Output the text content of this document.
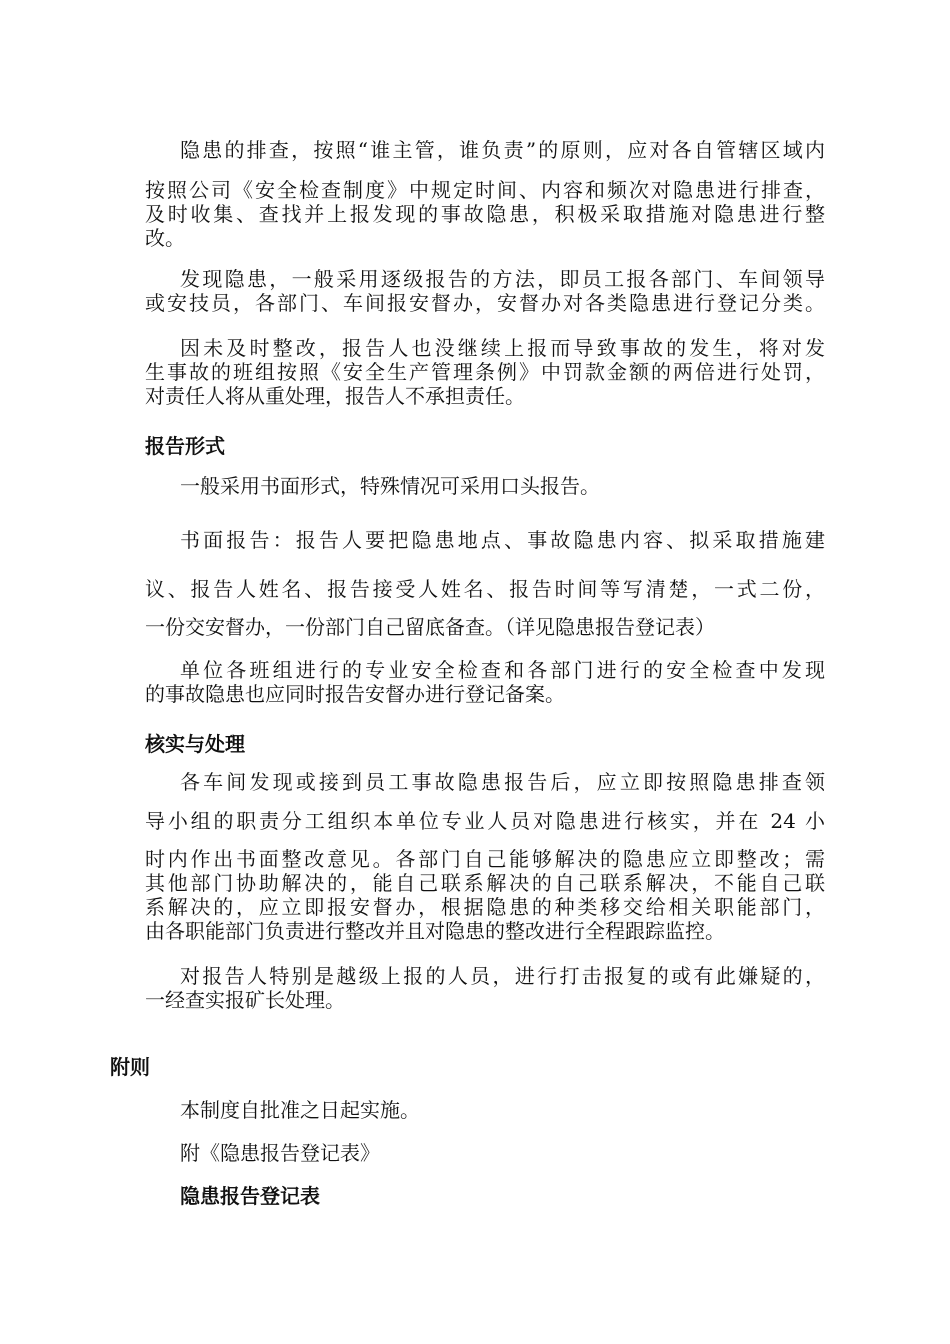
隐患的排查，按照“谁主管，谁负责”的原则，应对各自管辖区域内
按照公司《安全检查制度》中规定时间、内容和频次对隐患进行排查，
及时收集、查找并上报发现的事故隐患，积极采取措施对隐患进行整
改。
发现隐患，一般采用逐级报告的方法，即员工报各部门、车间领导
或安技员，各部门、车间报安督办，安督办对各类隐患进行登记分类。
因未及时整改，报告人也没继续上报而导致事故的发生，将对发
生事故的班组按照《安全生产管理条例》中罚款金额的两倍进行处罚，
对责任人将从重处理，报告人不承担责任。
报告形式
一般采用书面形式，特殊情况可采用口头报告。
书面报告：报告人要把隐患地点、事故隐患内容、拟采取措施建
议、报告人姓名、报告接受人姓名、报告时间等写清楚，一式二份，
一份交安督办，一份部门自己留底备查。（详见隐患报告登记表）
单位各班组进行的专业安全检查和各部门进行的安全检查中发现
的事故隐患也应同时报告安督办进行登记备案。
核实与处理
各车间发现或接到员工事故隐患报告后，应立即按照隐患排查领
导小组的职责分工组织本单位专业人员对隐患进行核实，并在 24 小
时内作出书面整改意见。各部门自己能够解决的隐患应立即整改；需
其他部门协助解决的，能自己联系解决的自己联系解决，不能自己联
系解决的，应立即报安督办，根据隐患的种类移交给相关职能部门，
由各职能部门负责进行整改并且对隐患的整改进行全程跟踪监控。
对报告人特别是越级上报的人员，进行打击报复的或有此嫌疑的，
一经查实报矿长处理。
附则
本制度自批准之日起实施。
附《隐患报告登记表》
隐患报告登记表
